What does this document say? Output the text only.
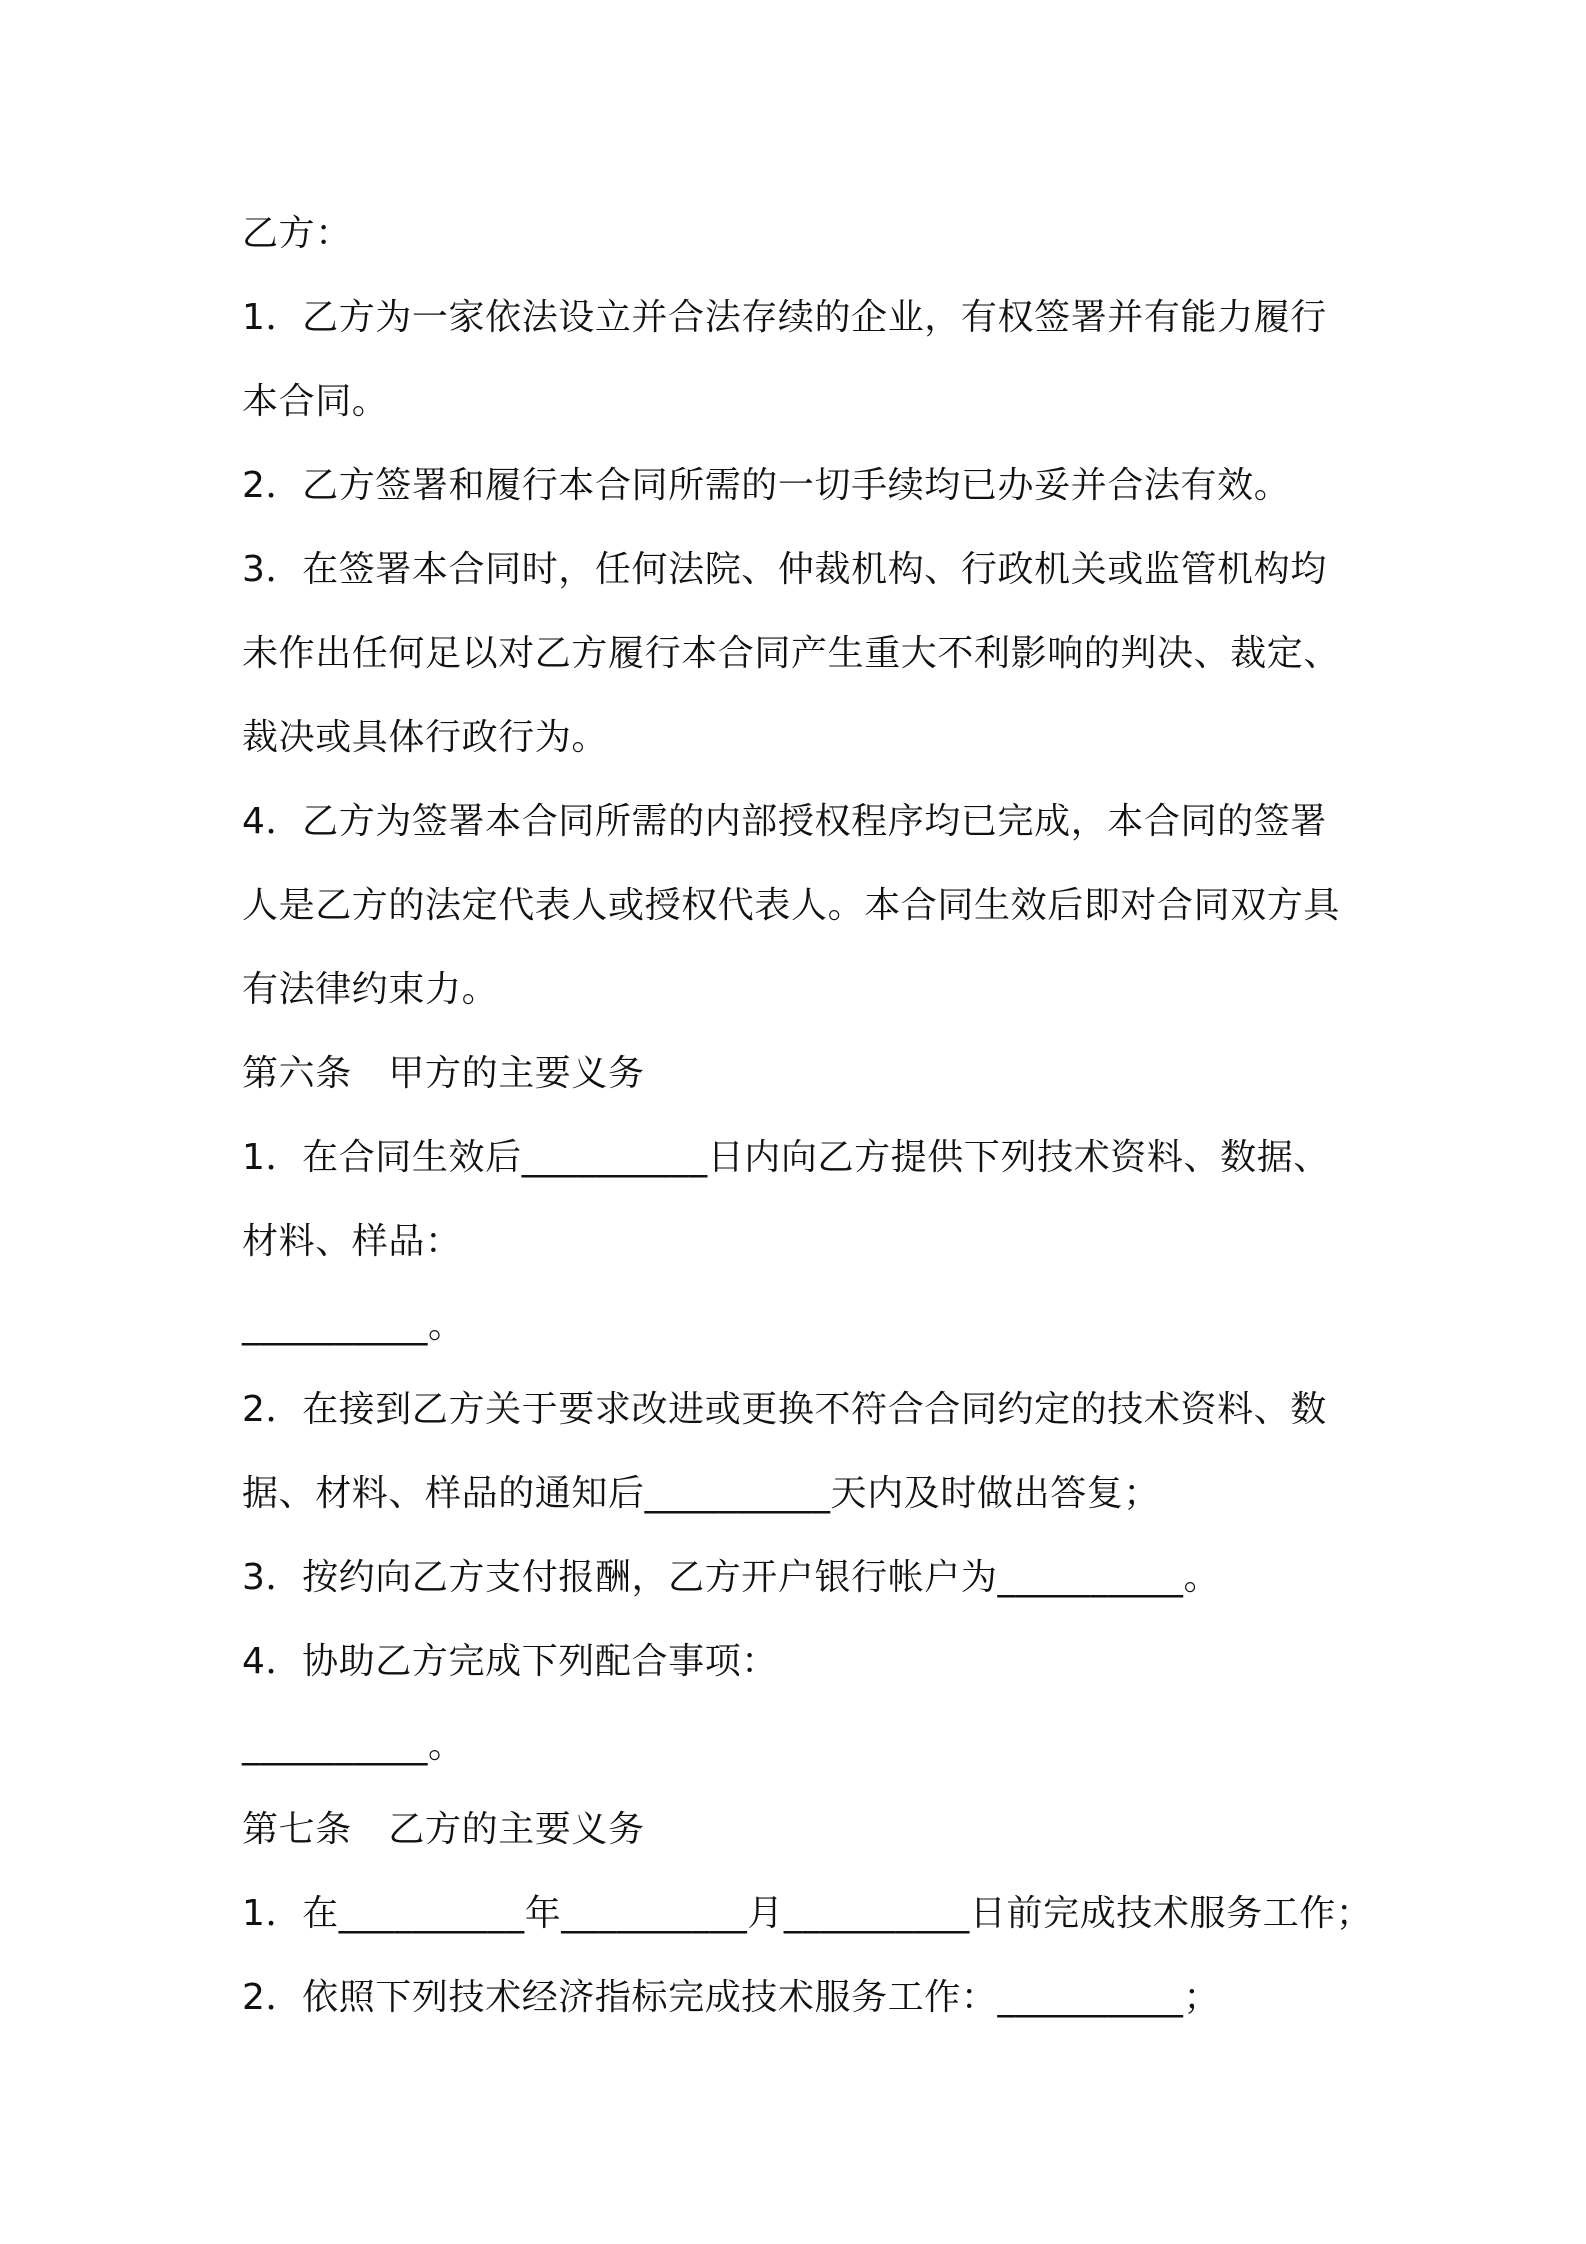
乙方：
1．乙方为一家依法设立并合法存续的企业，有权签署并有能力履行
本合同。
2．乙方签署和履行本合同所需的一切手续均已办妥并合法有效。
3．在签署本合同时，任何法院、仲裁机构、行政机关或监管机构均
未作出任何足以对乙方履行本合同产生重大不利影响的判决、裁定、
裁决或具体行政行为。
4．乙方为签署本合同所需的内部授权程序均已完成，本合同的签署
人是乙方的法定代表人或授权代表人。本合同生效后即对合同双方具
有法律约束力。
第六条　甲方的主要义务
1．在合同生效后__________日内向乙方提供下列技术资料、数据、
材料、样品：
__________。
2．在接到乙方关于要求改进或更换不符合合同约定的技术资料、数
据、材料、样品的通知后__________天内及时做出答复；
3．按约向乙方支付报酬，乙方开户银行帐户为__________。
4．协助乙方完成下列配合事项：
__________。
第七条　乙方的主要义务
1．在__________年__________月__________日前完成技术服务工作；
2．依照下列技术经济指标完成技术服务工作：__________；
